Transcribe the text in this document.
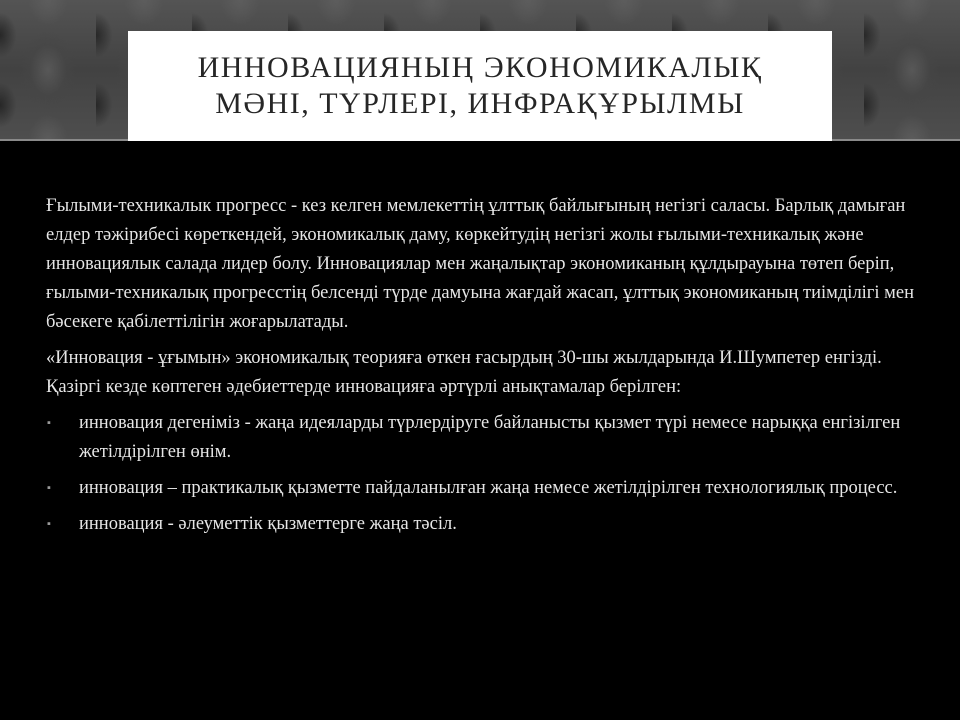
ИННОВАЦИЯНЫҢ ЭКОНОМИКАЛЫҚ
МӘНІ, ТҮРЛЕРІ, ИНФРАҚҰРЫЛМЫ

Ғылыми-техникалык прогресс - кез келген мемлекеттің ұлттық байлығының негізгі саласы. Барлық дамыған елдер тәжірибесі көреткендей, экономикалық даму, көркейтудің негізгі жолы ғылыми-техникалық және инновациялык салада лидер болу. Инновациялар мен жаңалықтар экономиканың құлдырауына төтеп беріп, ғылыми-техникалық прогресстің белсенді түрде дамуына жағдай жасап, ұлттық экономиканың тиімділігі мен бәсекеге қабілеттілігін жоғарылатады.

«Инновация - ұғымын» экономикалық теорияға өткен ғасырдың 30-шы жылдарында И.Шумпетер енгізді. Қазіргі кезде көптеген әдебиеттерде инновацияға әртүрлі анықтамалар берілген:

▪ инновация дегеніміз - жаңа идеяларды түрлердіруге байланысты қызмет түрі немесе нарыққа енгізілген жетілдірілген өнім.
▪ инновация – практикалық қызметте пайдаланылған жаңа немесе жетілдірілген технологиялық процесс.
▪ инновация - әлеуметтік қызметтерге жаңа тәсіл.
